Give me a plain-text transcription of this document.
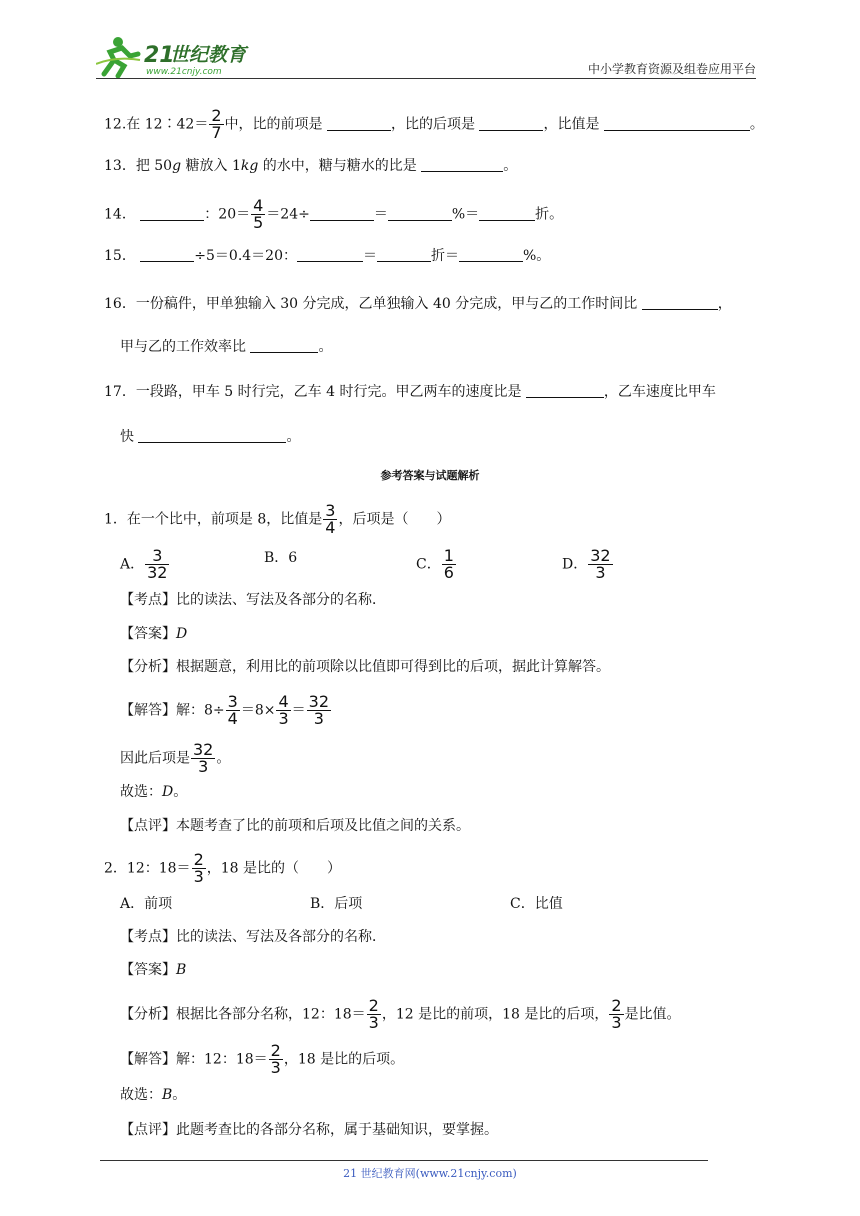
21
世纪教育
www.21cnjy.com	中小学教育资源及组卷应用平台
12.在 12∶42＝ $\frac{2}{7}$ 中，比的前项是	，比的后项是	，比值是	。
13．把 50g 糖放入 1kg 的水中，糖与糖水的比是	。
14．	：$20= \frac{4}{5} =24\div$	＝	%＝	折。
15．	÷5＝0.4＝20：	＝	折＝	%。
16．一份稿件，甲单独输入 30 分完成，乙单独输入 40 分完成，甲与乙的工作时间比	，
甲与乙的工作效率比	。
17．一段路，甲车 5 时行完，乙车 4 时行完。甲乙两车的速度比是	，乙车速度比甲车
快	。
参考答案与试题解析
1．在一个比中，前项是 8，比值是 $\frac{3}{4}$ ，后项是（　　）
A． $\frac{3}{32}$	B．6	C． $\frac{1}{6}$	D． $\frac{32}{3}$
【考点】比的读法、写法及各部分的名称．
【答案】D
【分析】根据题意，利用比的前项除以比值即可得到比的后项，据此计算解答。
【解答】解：$8\div \frac{3}{4} =8\times \frac{4}{3} = \frac{32}{3}$
因此后项是 $\frac{32}{3}$ 。
故选：D。
【点评】本题考查了比的前项和后项及比值之间的关系。
2．12：$18= \frac{2}{3}$ ，18 是比的（　　）
A．前项	B．后项	C．比值
【考点】比的读法、写法及各部分的名称．
【答案】B
【分析】根据比各部分名称，12：$18= \frac{2}{3}$ ，12 是比的前项，18 是比的后项， $\frac{2}{3}$ 是比值。
【解答】解：12：$18= \frac{2}{3}$ ，18 是比的后项。
故选：B。
【点评】此题考查比的各部分名称，属于基础知识，要掌握。
21 世纪教育网(www.21cnjy.com)
